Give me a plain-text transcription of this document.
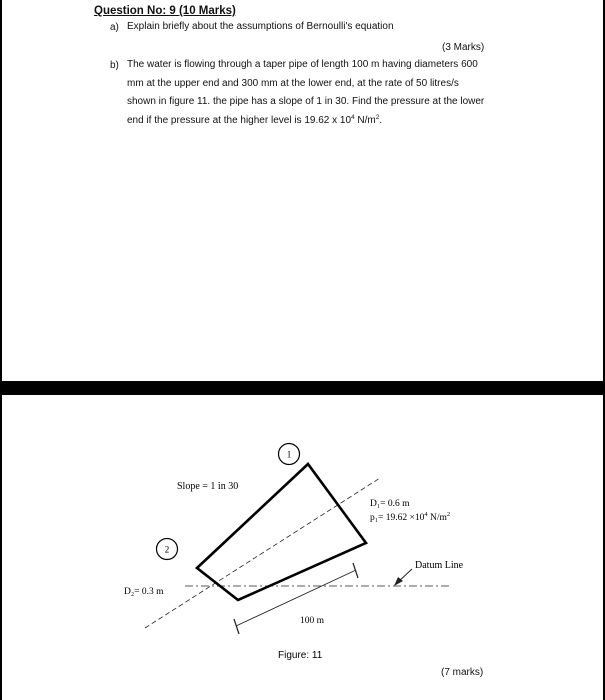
Question No: 9 (10 Marks)
a) Explain briefly about the assumptions of Bernoulli's equation
(3 Marks)
b) The water is flowing through a taper pipe of length 100 m having diameters 600
mm at the upper end and 300 mm at the lower end, at the rate of 50 litres/s
shown in figure 11. the pipe has a slope of 1 in 30. Find the pressure at the lower
end if the pressure at the higher level is 19.62 x $10^4$ $N/m^2$.
1
2
Slope = 1 in 30
D₁= 0.6 m
$p_1= 19.62 \times 10^4$ $N/m^2$
D₂= 0.3 m
Datum Line
100 m
Figure: 11
(7 marks)
